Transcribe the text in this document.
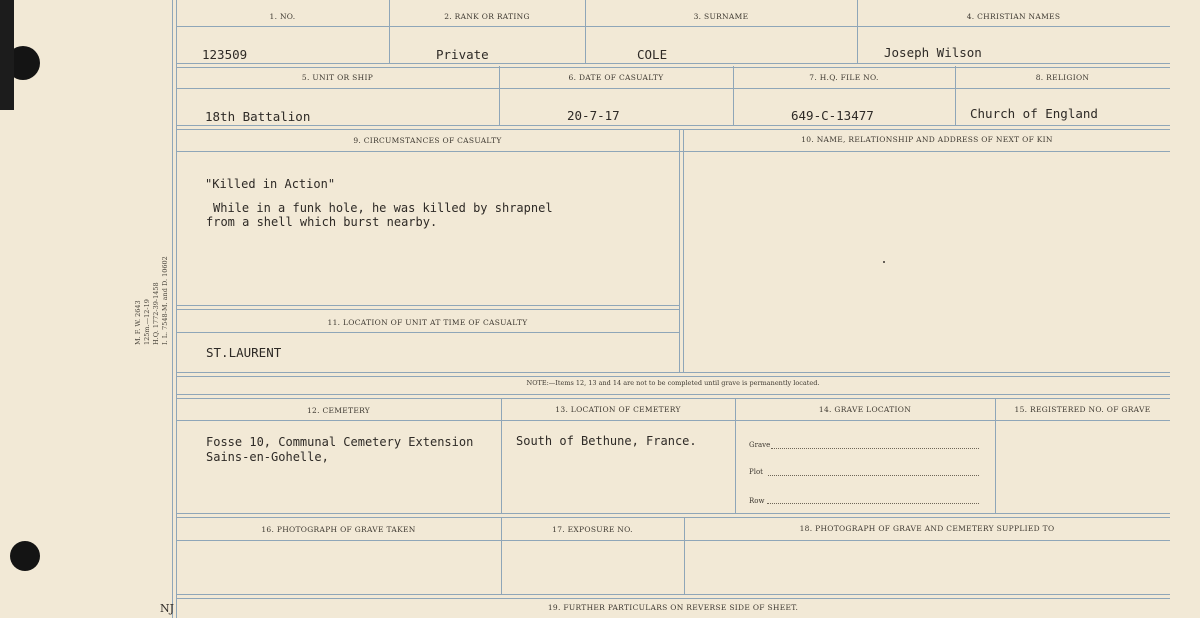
M. F. W. 2643 125m.—12-19 H.Q. 1772-39-1458 I. L. 7548-M. and D. 10602
1. NO.	2. RANK OR RATING	3. SURNAME	4. CHRISTIAN NAMES
123509	Private	COLE	Joseph Wilson
5. UNIT OR SHIP	6. DATE OF CASUALTY	7. H.Q. FILE NO.	8. RELIGION
18th Battalion	20-7-17	649-C-13477	Church of England
9. CIRCUMSTANCES OF CASUALTY	10. NAME, RELATIONSHIP AND ADDRESS OF NEXT OF KIN
"Killed in Action"
While in a funk hole, he was killed by shrapnel
from a shell which burst nearby.
11. LOCATION OF UNIT AT TIME OF CASUALTY
ST.LAURENT
NOTE:—Items 12, 13 and 14 are not to be completed until grave is permanently located.
12. CEMETERY	13. LOCATION OF CEMETERY	14. GRAVE LOCATION	15. REGISTERED NO. OF GRAVE
Fosse 10, Communal Cemetery Extension
Sains-en-Gohelle,
South of Bethune, France.	Grave
Plot
Row
16. PHOTOGRAPH OF GRAVE TAKEN	17. EXPOSURE NO.	18. PHOTOGRAPH OF GRAVE AND CEMETERY SUPPLIED TO
19. FURTHER PARTICULARS ON REVERSE SIDE OF SHEET.
NJ
